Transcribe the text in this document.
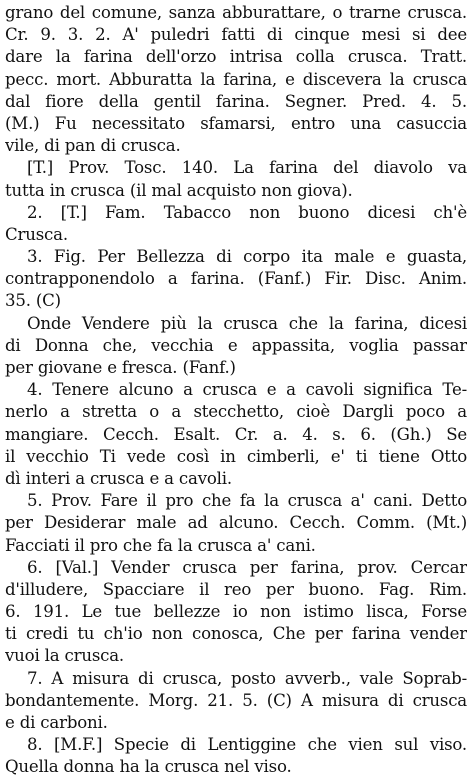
grano del comune, sanza abburattare, o trarne crusca.
Cr. 9. 3. 2. A' puledri fatti di cinque mesi si dee
dare la farina dell'orzo intrisa colla crusca. Tratt.
pecc. mort. Abburatta la farina, e discevera la crusca
dal fiore della gentil farina. Segner. Pred. 4. 5.
(M.) Fu necessitato sfamarsi, entro una casuccia
vile, di pan di crusca.
[T.] Prov. Tosc. 140. La farina del diavolo va
tutta in crusca (il mal acquisto non giova).
2. [T.] Fam. Tabacco non buono dicesi ch'è
Crusca.
3. Fig. Per Bellezza di corpo ita male e guasta,
contrapponendolo a farina. (Fanf.) Fir. Disc. Anim.
35. (C)
Onde Vendere più la crusca che la farina, dicesi
di Donna che, vecchia e appassita, voglia passar
per giovane e fresca. (Fanf.)
4. Tenere alcuno a crusca e a cavoli significa Te-
nerlo a stretta o a stecchetto, cioè Dargli poco a
mangiare. Cecch. Esalt. Cr. a. 4. s. 6. (Gh.) Se
il vecchio Ti vede così in cimberli, e' ti tiene Otto
dì interi a crusca e a cavoli.
5. Prov. Fare il pro che fa la crusca a' cani. Detto
per Desiderar male ad alcuno. Cecch. Comm. (Mt.)
Facciati il pro che fa la crusca a' cani.
6. [Val.] Vender crusca per farina, prov. Cercar
d'illudere, Spacciare il reo per buono. Fag. Rim.
6. 191. Le tue bellezze io non istimo lisca, Forse
ti credi tu ch'io non conosca, Che per farina vender
vuoi la crusca.
7. A misura di crusca, posto avverb., vale Soprab-
bondantemente. Morg. 21. 5. (C) A misura di crusca
e di carboni.
8. [M.F.] Specie di Lentiggine che vien sul viso.
Quella donna ha la crusca nel viso.
